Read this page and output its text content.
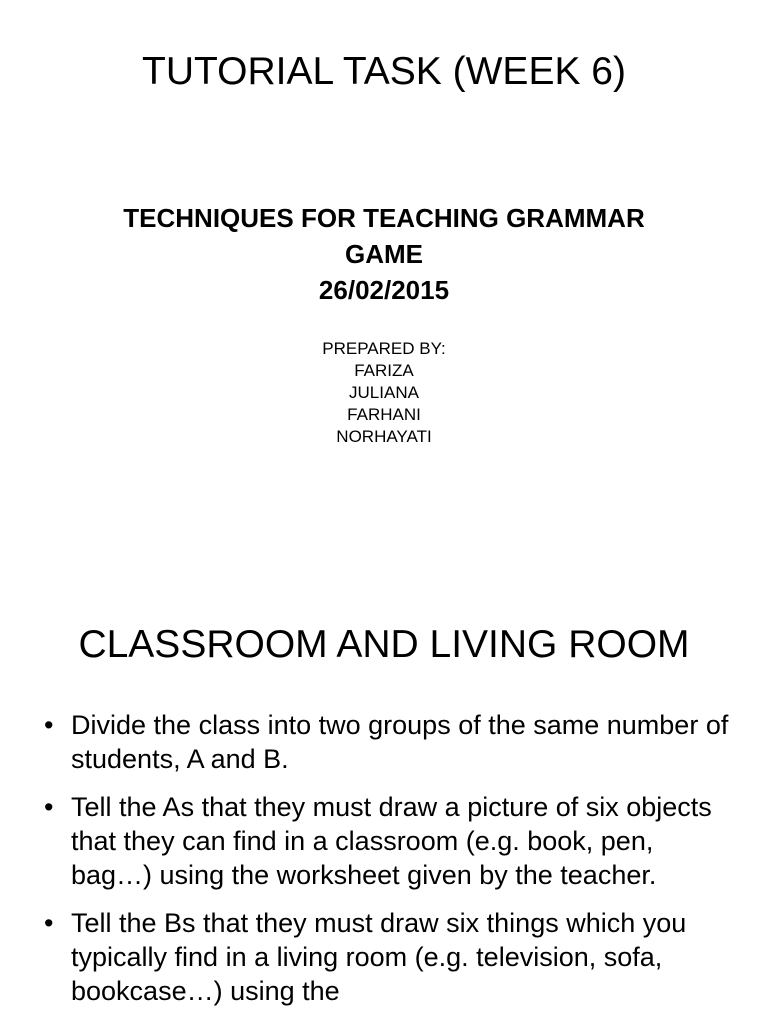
TUTORIAL TASK (WEEK 6)
TECHNIQUES FOR TEACHING GRAMMAR
GAME
26/02/2015
PREPARED BY:
FARIZA
JULIANA
FARHANI
NORHAYATI
CLASSROOM AND LIVING ROOM
• Divide the class into two groups of the same number of students, A and B.
• Tell the As that they must draw a picture of six objects that they can find in a classroom (e.g. book, pen, bag…) using the worksheet given by the teacher.
• Tell the Bs that they must draw six things which you typically find in a living room (e.g. television, sofa, bookcase…) using the
